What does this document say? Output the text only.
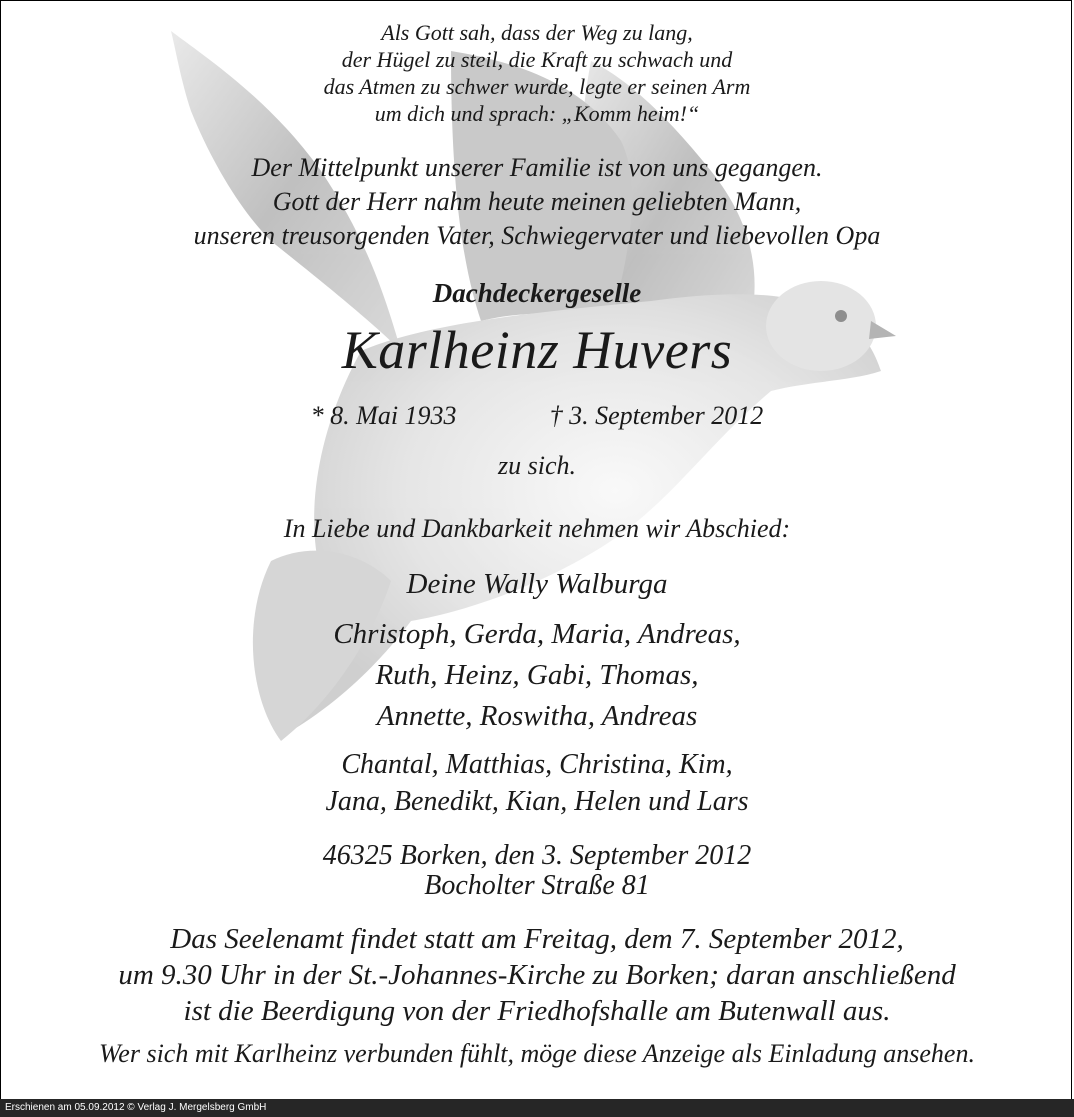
Als Gott sah, dass der Weg zu lang,
der Hügel zu steil, die Kraft zu schwach und
das Atmen zu schwer wurde, legte er seinen Arm
um dich und sprach: „Komm heim!“
Der Mittelpunkt unserer Familie ist von uns gegangen.
Gott der Herr nahm heute meinen geliebten Mann,
unseren treusorgenden Vater, Schwiegervater und liebevollen Opa
Dachdeckergeselle
Karlheinz Huvers
* 8. Mai 1933	† 3. September 2012
zu sich.
In Liebe und Dankbarkeit nehmen wir Abschied:
Deine Wally Walburga
Christoph, Gerda, Maria, Andreas,
Ruth, Heinz, Gabi, Thomas,
Annette, Roswitha, Andreas
Chantal, Matthias, Christina, Kim,
Jana, Benedikt, Kian, Helen und Lars
46325 Borken, den 3. September 2012
Bocholter Straße 81
Das Seelenamt findet statt am Freitag, dem 7. September 2012,
um 9.30 Uhr in der St.-Johannes-Kirche zu Borken; daran anschließend
ist die Beerdigung von der Friedhofshalle am Butenwall aus.
Wer sich mit Karlheinz verbunden fühlt, möge diese Anzeige als Einladung ansehen.
Erschienen am 05.09.2012 © Verlag J. Mergelsberg GmbH
